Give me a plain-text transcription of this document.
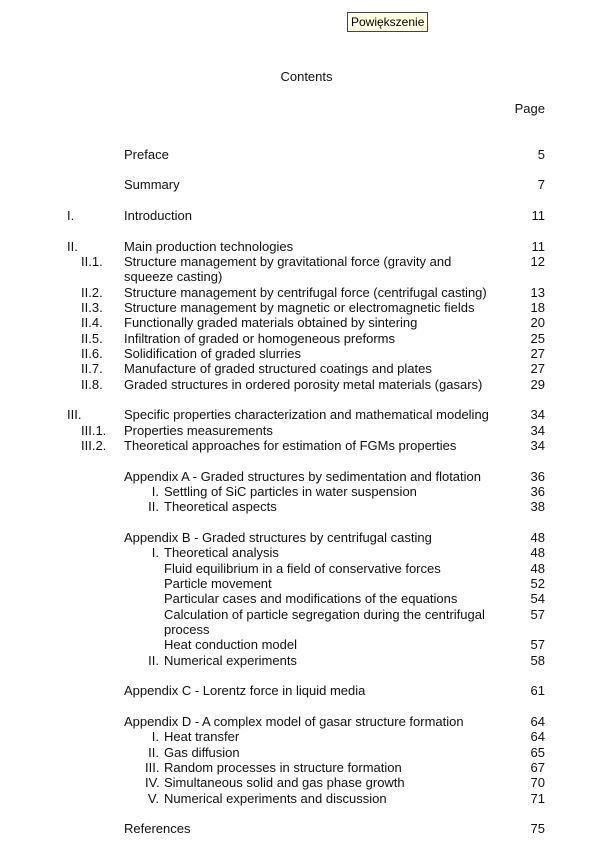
Powiększenie
Contents
Page
Preface	5
Summary	7
I.	Introduction	11
II.	Main production technologies	11
II.1. Structure management by gravitational force (gravity and	12
squeeze casting)
II.2. Structure management by centrifugal force (centrifugal casting)	13
II.3. Structure management by magnetic or electromagnetic fields	18
II.4. Functionally graded materials obtained by sintering	20
II.5. Infiltration of graded or homogeneous preforms	25
II.6. Solidification of graded slurries	27
II.7. Manufacture of graded structured coatings and plates	27
II.8. Graded structures in ordered porosity metal materials (gasars)	29
III.	Specific properties characterization and mathematical modeling	34
III.1. Properties measurements	34
III.2. Theoretical approaches for estimation of FGMs properties	34
Appendix A - Graded structures by sedimentation and flotation	36
I. Settling of SiC particles in water suspension	36
II. Theoretical aspects	38
Appendix B - Graded structures by centrifugal casting	48
I. Theoretical analysis	48
Fluid equilibrium in a field of conservative forces	48
Particle movement	52
Particular cases and modifications of the equations	54
Calculation of particle segregation during the centrifugal	57
process
Heat conduction model	57
II. Numerical experiments	58
Appendix C - Lorentz force in liquid media	61
Appendix D - A complex model of gasar structure formation	64
I. Heat transfer	64
II. Gas diffusion	65
III. Random processes in structure formation	67
IV. Simultaneous solid and gas phase growth	70
V. Numerical experiments and discussion	71
References	75
